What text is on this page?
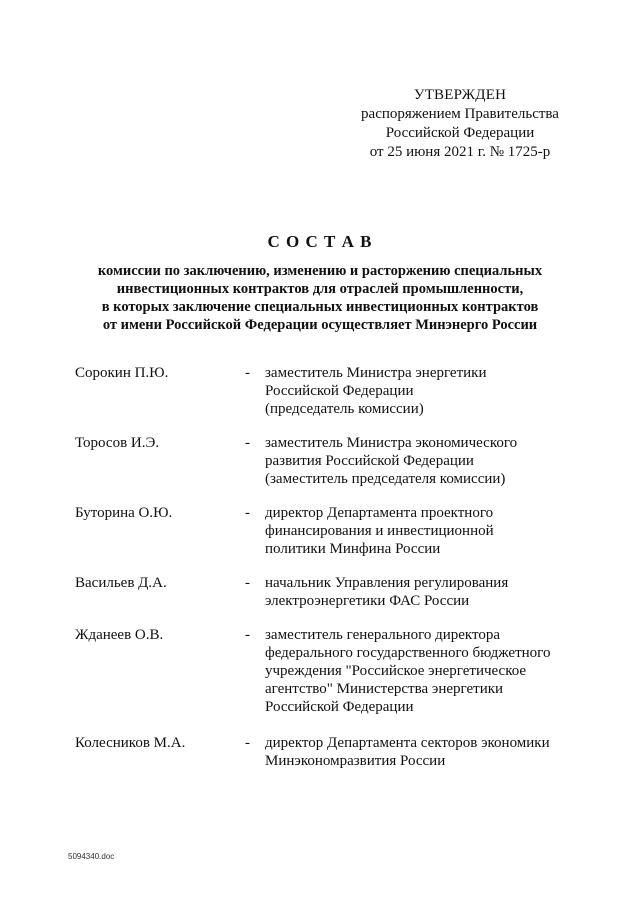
УТВЕРЖДЕН
распоряжением Правительства
Российской Федерации
от 25 июня 2021 г. № 1725-р
С О С Т А В
комиссии по заключению, изменению и расторжению специальных
инвестиционных контрактов для отраслей промышленности,
в которых заключение специальных инвестиционных контрактов
от имени Российской Федерации осуществляет Минэнерго России
Сорокин П.Ю.	-	заместитель Министра энергетики
Российской Федерации
(председатель комиссии)
Торосов И.Э.	-	заместитель Министра экономического
развития Российской Федерации
(заместитель председателя комиссии)
Буторина О.Ю.	-	директор Департамента проектного
финансирования и инвестиционной
политики Минфина России
Васильев Д.А.	-	начальник Управления регулирования
электроэнергетики ФАС России
Жданеев О.В.	-	заместитель генерального директора
федерального государственного бюджетного
учреждения "Российское энергетическое
агентство" Министерства энергетики
Российской Федерации
Колесников М.А.	-	директор Департамента секторов экономики
Минэкономразвития России
5094340.doc
